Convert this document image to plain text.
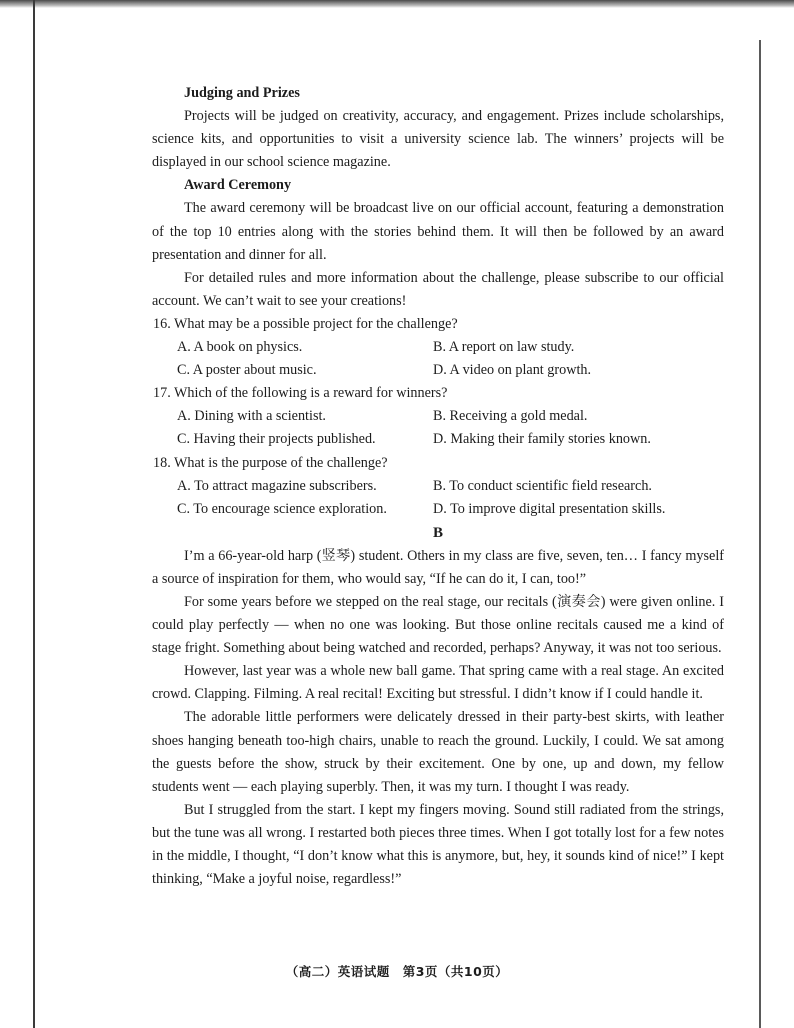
Judging and Prizes

Projects will be judged on creativity, accuracy, and engagement. Prizes include scholarships, science kits, and opportunities to visit a university science lab. The winners’ projects will be displayed in our school science magazine.

Award Ceremony

The award ceremony will be broadcast live on our official account, featuring a demonstration of the top 10 entries along with the stories behind them. It will then be followed by an award presentation and dinner for all.

For detailed rules and more information about the challenge, please subscribe to our official account. We can’t wait to see your creations!

16. What may be a possible project for the challenge?

A. A book on physics.	B. A report on law study.
C. A poster about music.	D. A video on plant growth.

17. Which of the following is a reward for winners?

A. Dining with a scientist.	B. Receiving a gold medal.
C. Having their projects published.	D. Making their family stories known.

18. What is the purpose of the challenge?

A. To attract magazine subscribers.	B. To conduct scientific field research.
C. To encourage science exploration.	D. To improve digital presentation skills.

B

I’m a 66-year-old harp (竖琴) student. Others in my class are five, seven, ten… I fancy myself a source of inspiration for them, who would say, “If he can do it, I can, too!”

For some years before we stepped on the real stage, our recitals (演奏会) were given online. I could play perfectly — when no one was looking. But those online recitals caused me a kind of stage fright. Something about being watched and recorded, perhaps? Anyway, it was not too serious.

However, last year was a whole new ball game. That spring came with a real stage. An excited crowd. Clapping. Filming. A real recital! Exciting but stressful. I didn’t know if I could handle it.

The adorable little performers were delicately dressed in their party-best skirts, with leather shoes hanging beneath too-high chairs, unable to reach the ground. Luckily, I could. We sat among the guests before the show, struck by their excitement. One by one, up and down, my fellow students went — each playing superbly. Then, it was my turn. I thought I was ready.

But I struggled from the start. I kept my fingers moving. Sound still radiated from the strings, but the tune was all wrong. I restarted both pieces three times. When I got totally lost for a few notes in the middle, I thought, “I don’t know what this is anymore, but, hey, it sounds kind of nice!” I kept thinking, “Make a joyful noise, regardless!”

（高二）英语试题　第3页（共10页）
